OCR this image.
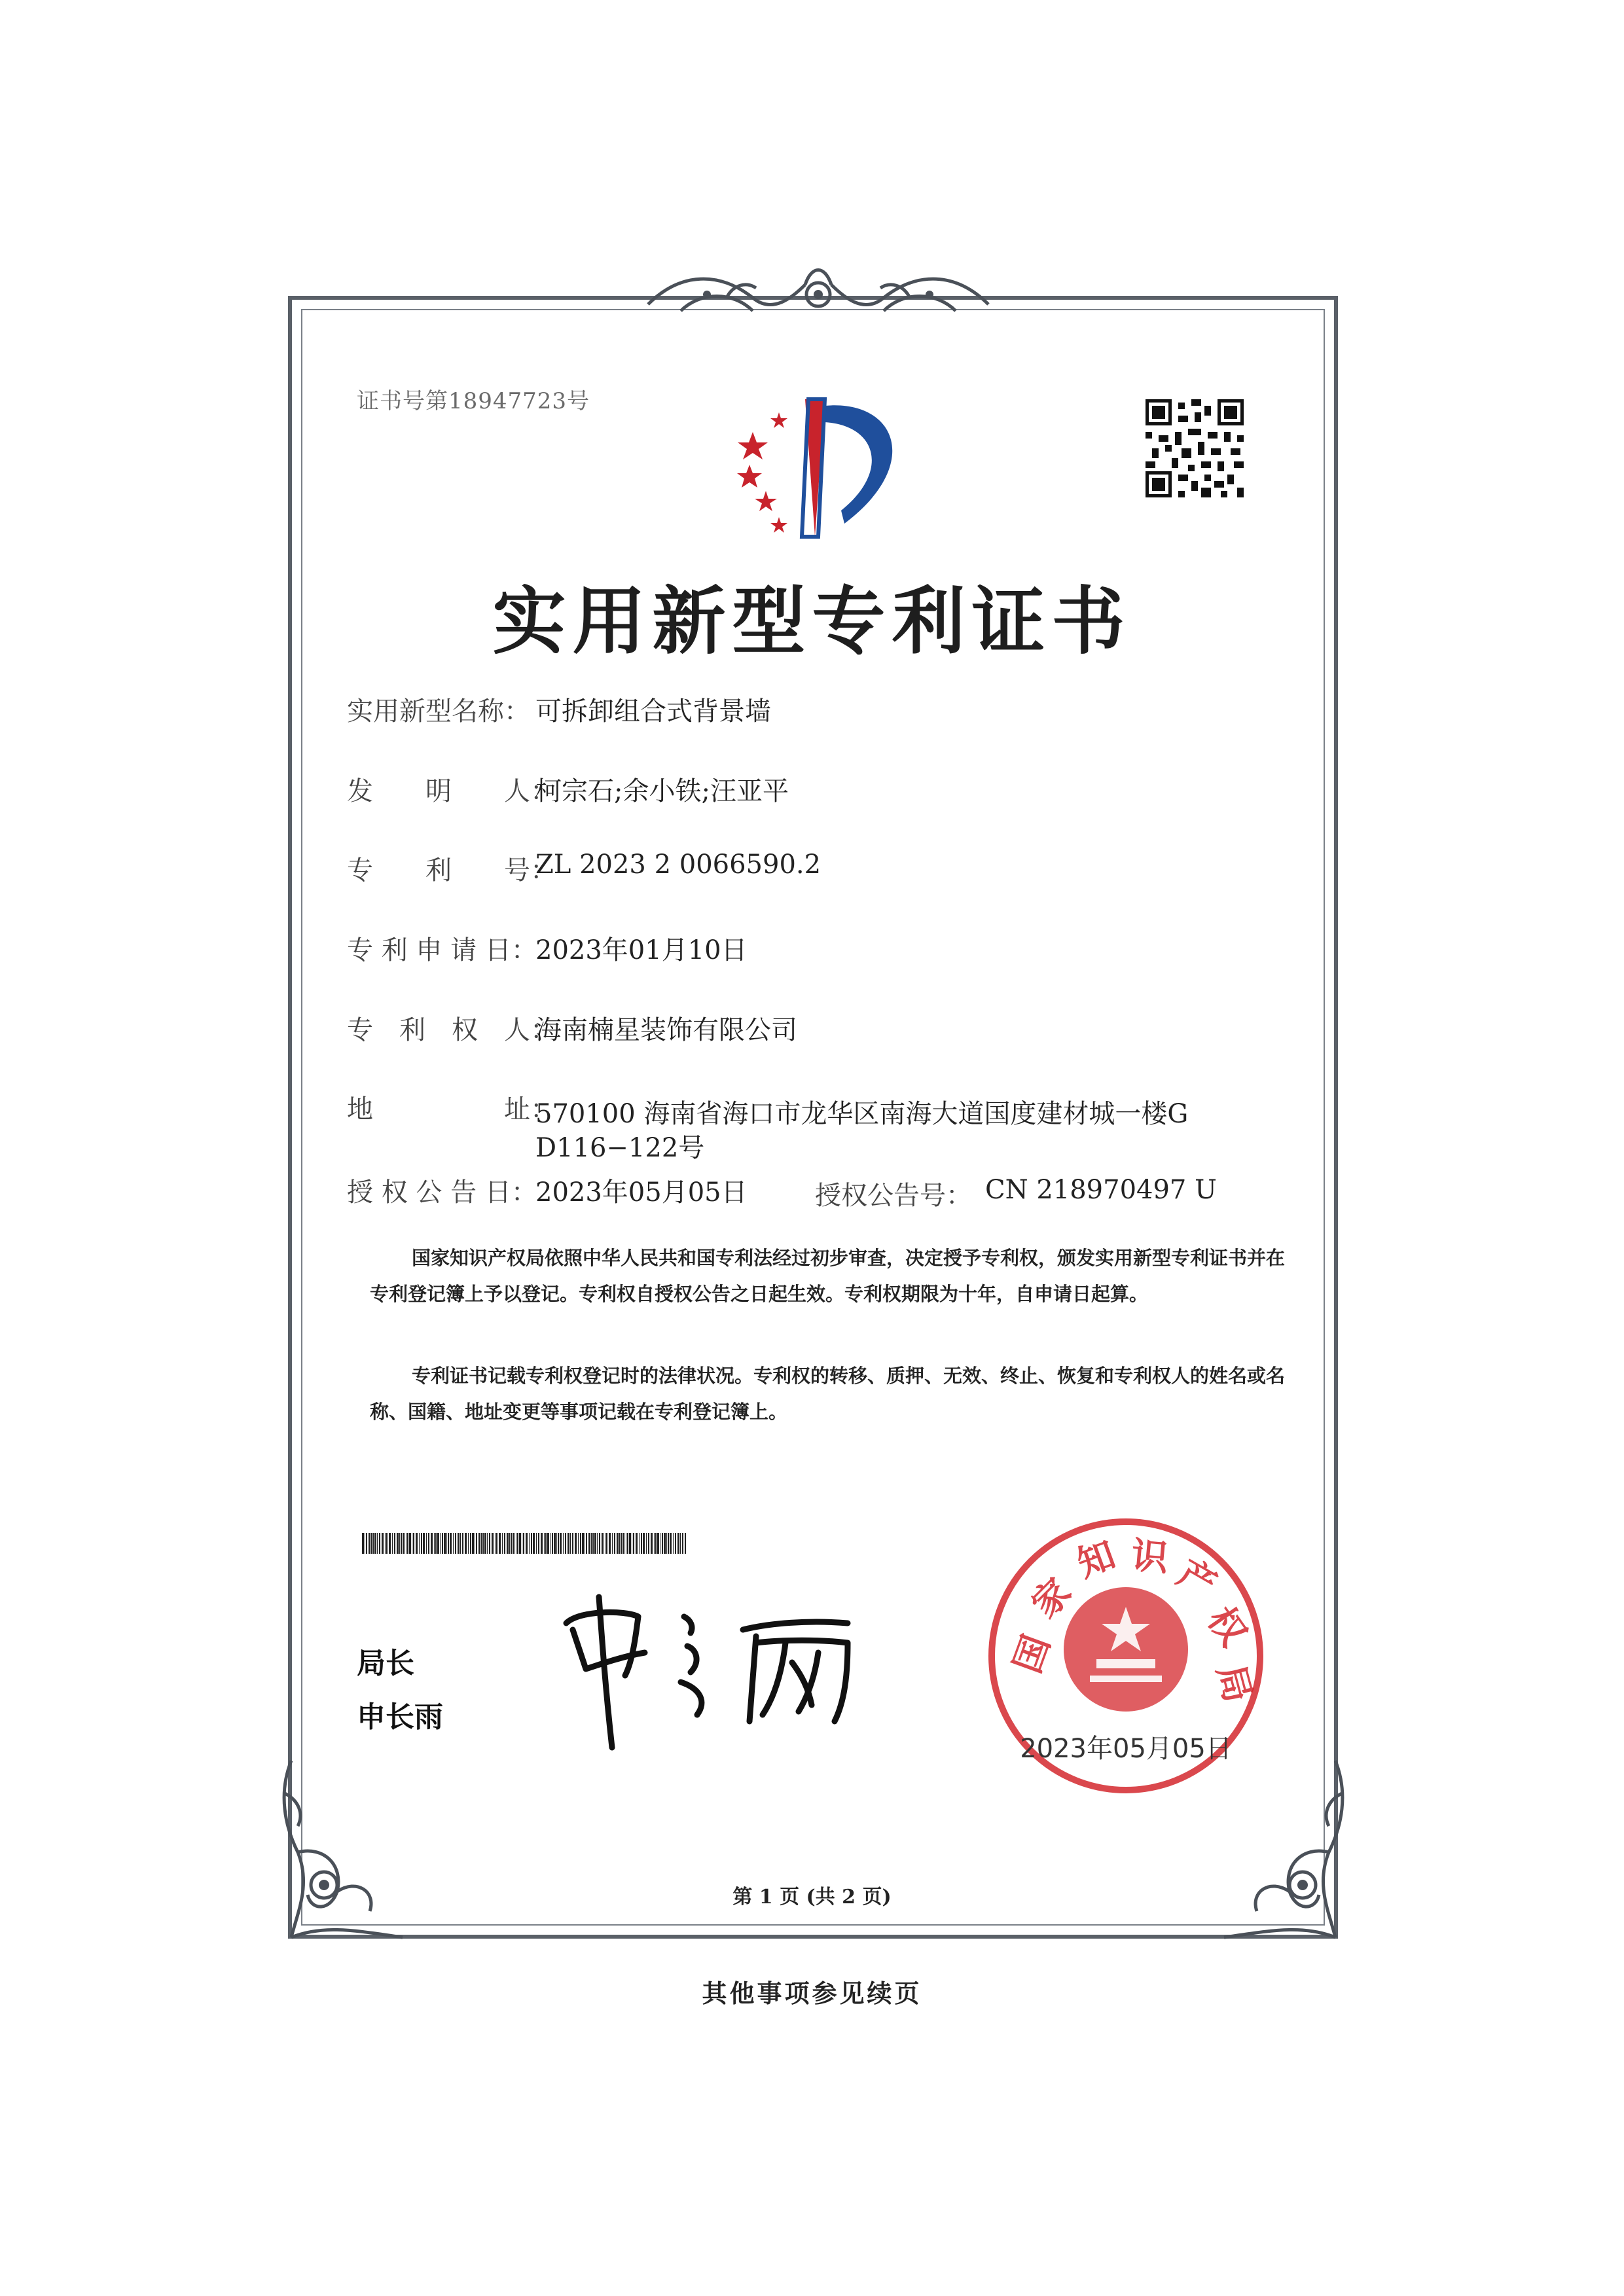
证书号第18947723号
实用新型专利证书
实用新型名称： 可拆卸组合式背景墙
发　　明　　人：
柯宗石;余小铁;汪亚平
专　　利　　号：
ZL 2023 2 0066590.2
专 利 申 请 日：
2023年01月10日
专　利　权　人：
海南楠星装饰有限公司
地　　　　　址：
570100 海南省海口市龙华区南海大道国度建材城一楼G
D116−122号
授 权 公 告 日：
2023年05月05日	授权公告号： CN 218970497 U
国家知识产权局依照中华人民共和国专利法经过初步审查，决定授予专利权，颁发实用新型专利证书并在专利登记簿上予以登记。专利权自授权公告之日起生效。专利权期限为十年，自申请日起算。
专利证书记载专利权登记时的法律状况。专利权的转移、质押、无效、终止、恢复和专利权人的姓名或名称、国籍、地址变更等事项记载在专利登记簿上。
局长
申长雨
国
家
知 识 产
权
局
2023年05月05日
第 1 页 (共 2 页)
其他事项参见续页
